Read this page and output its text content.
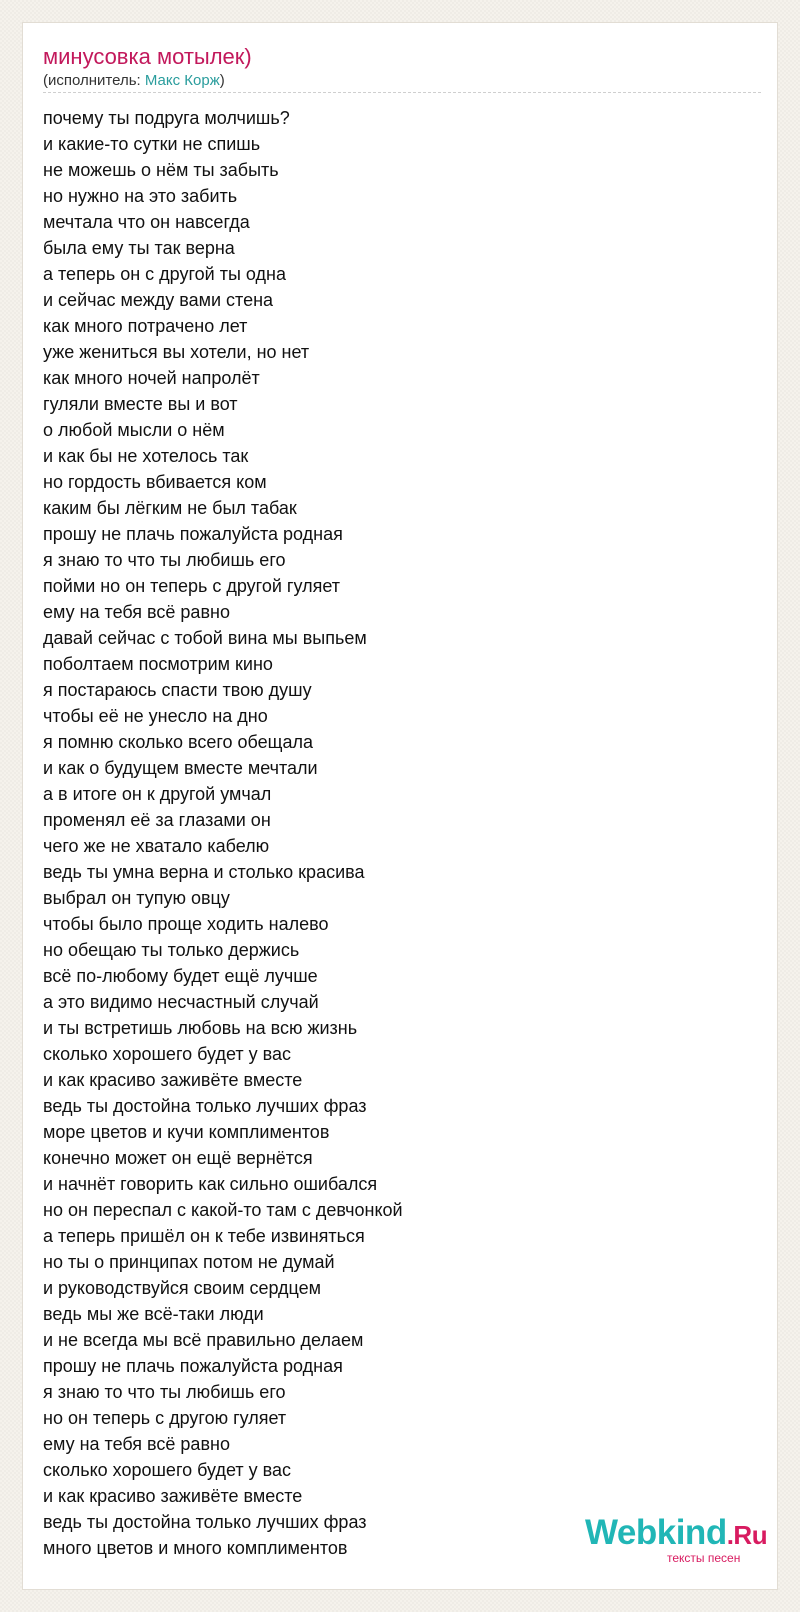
минусовка мотылек)
(исполнитель: Макс Корж)
почему ты подруга молчишь?
и какие-то сутки не спишь
не можешь о нём ты забыть
но нужно на это забить
мечтала что он навсегда
была ему ты так верна
а теперь он с другой ты одна
и сейчас между вами стена
как много потрачено лет
уже жениться вы хотели, но нет
как много ночей напролёт
гуляли вместе вы и вот
о любой мысли о нём
и как бы не хотелось так
но гордость вбивается ком
каким бы лёгким не был табак
прошу не плачь пожалуйста родная
я знаю то что ты любишь его
пойми но он теперь с другой гуляет
ему на тебя всё равно
давай сейчас с тобой вина мы выпьем
поболтаем посмотрим кино
я постараюсь спасти твою душу
чтобы её не унесло на дно
я помню сколько всего обещала
и как о будущем вместе мечтали
а в итоге он к другой умчал
променял её за глазами он
чего же не хватало кабелю
ведь ты умна верна и столько красива
выбрал он тупую овцу
чтобы было проще ходить налево
но обещаю ты только держись
всё по-любому будет ещё лучше
а это видимо несчастный случай
и ты встретишь любовь на всю жизнь
сколько хорошего будет у вас
и как красиво заживёте вместе
ведь ты достойна только лучших фраз
море цветов и кучи комплиментов
конечно может он ещё вернётся
и начнёт говорить как сильно ошибался
но он переспал с какой-то там с девчонкой
а теперь пришёл он к тебе извиняться
но ты о принципах потом не думай
и руководствуйся своим сердцем
ведь мы же всё-таки люди
и не всегда мы всё правильно делаем
прошу не плачь пожалуйста родная
я знаю то что ты любишь его
но он теперь с другою гуляет
ему на тебя всё равно
сколько хорошего будет у вас
и как красиво заживёте вместе
ведь ты достойна только лучших фраз
много цветов и много комплиментов	Webkind.Ru
тексты песен
